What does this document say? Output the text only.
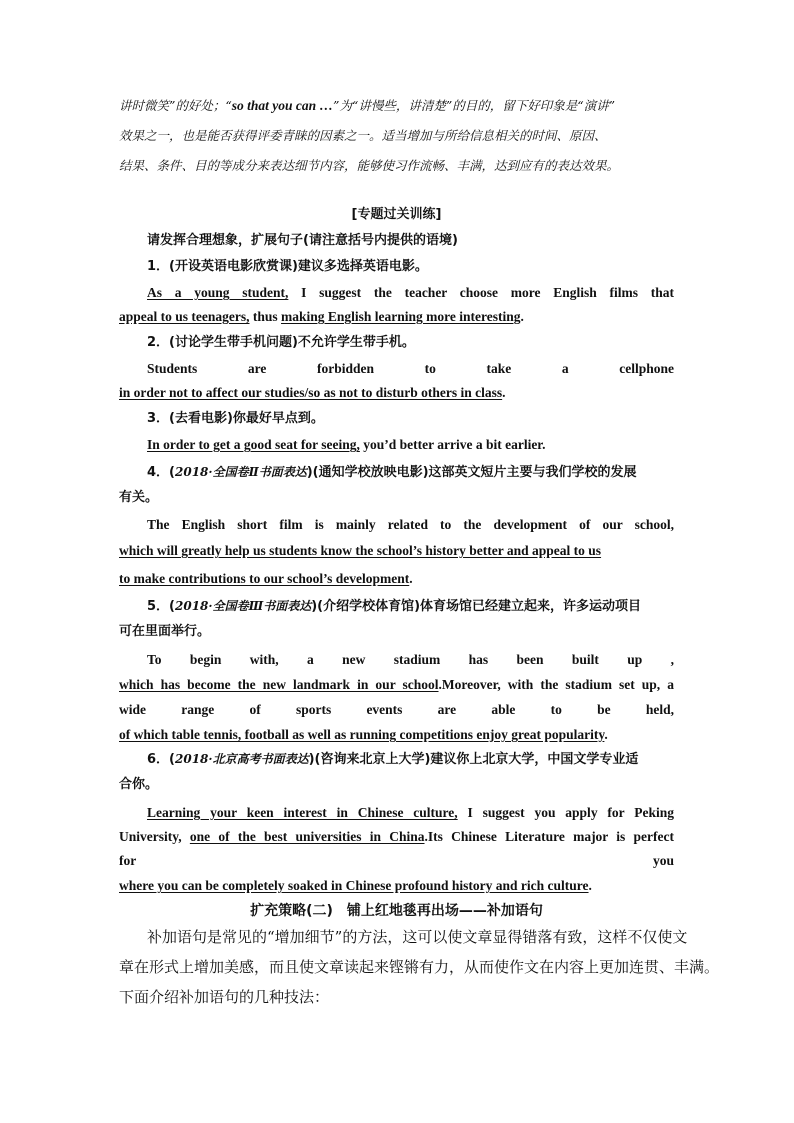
讲时微笑”的好处；“so that you can …”为“讲慢些，讲清楚”的目的，留下好印象是“演讲”
效果之一，也是能否获得评委青睐的因素之一。适当增加与所给信息相关的时间、原因、
结果、条件、目的等成分来表达细节内容，能够使习作流畅、丰满，达到应有的表达效果。
[专题过关训练]
请发挥合理想象，扩展句子(请注意括号内提供的语境)
1．(开设英语电影欣赏课)建议多选择英语电影。
As a young student, I suggest the teacher choose more English films that
appeal to us teenagers, thus making English learning more interesting.
2．(讨论学生带手机问题)不允许学生带手机。
Students are forbidden to take a cellphone
in order not to affect our studies/so as not to disturb others in class.
3．(去看电影)你最好早点到。
In order to get a good seat for seeing, you’d better arrive a bit earlier.
4．(2018·全国卷Ⅱ书面表达)(通知学校放映电影)这部英文短片主要与我们学校的发展
有关。
The English short film is mainly related to the development of our school,
which will greatly help us students know the school’s history better and appeal to us
to make contributions to our school’s development.
5．(2018·全国卷Ⅲ书面表达)(介绍学校体育馆)体育场馆已经建立起来，许多运动项目
可在里面举行。
To begin with, a new stadium has been built up ,
which has become the new landmark in our school.Moreover, with the stadium set up, a
wide range of sports events are able to be held,
of which table tennis, football as well as running competitions enjoy great popularity.
6．(2018·北京高考书面表达)(咨询来北京上大学)建议你上北京大学，中国文学专业适
合你。
Learning your keen interest in Chinese culture, I suggest you apply for Peking
University, one of the best universities in China.Its Chinese Literature major is perfect
for you
where you can be completely soaked in Chinese profound history and rich culture.
扩充策略(二)　铺上红地毯再出场——补加语句
补加语句是常见的“增加细节”的方法，这可以使文章显得错落有致，这样不仅使文
章在形式上增加美感，而且使文章读起来铿锵有力，从而使作文在内容上更加连贯、丰满。
下面介绍补加语句的几种技法：
